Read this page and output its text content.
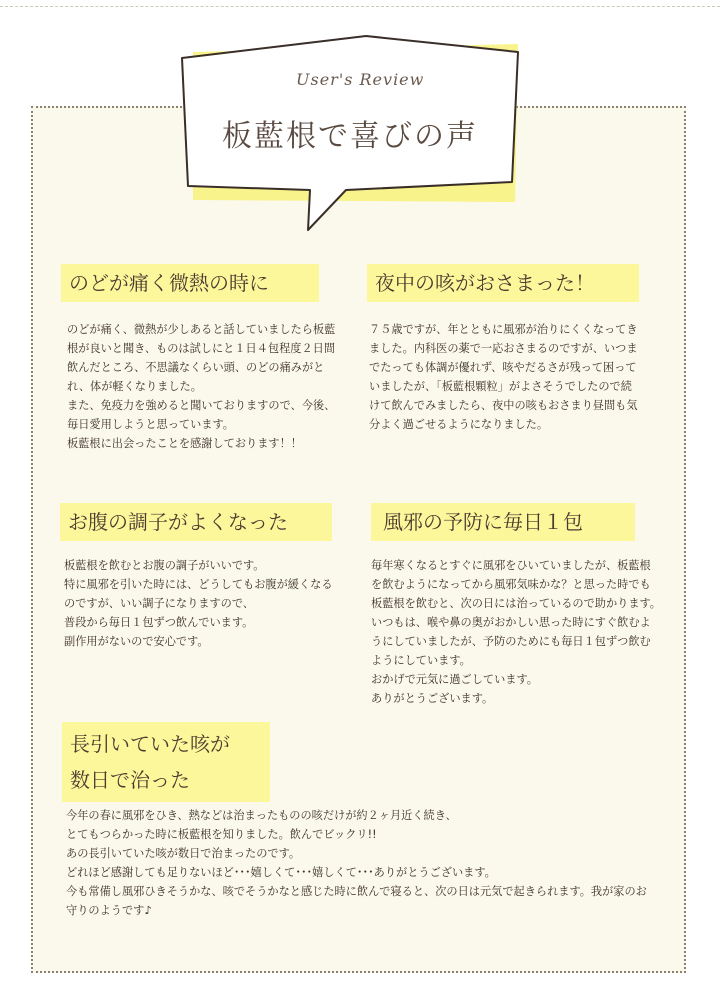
User's Review
板藍根で喜びの声
のどが痛く微熱の時に

のどが痛く、微熱が少しあると話していましたら板藍根が良いと聞き、ものは試しにと１日４包程度２日間飲んだところ、不思議なくらい頭、のどの痛みがとれ、体が軽くなりました。
また、免疫力を強めると聞いておりますので、今後、毎日愛用しようと思っています。
板藍根に出会ったことを感謝しております！！

夜中の咳がおさまった！

７５歳ですが、年とともに風邪が治りにくくなってきました。内科医の薬で一応おさまるのですが、いつまでたっても体調が優れず、咳やだるさが残って困っていましたが、「板藍根顆粒」がよさそうでしたので続けて飲んでみましたら、夜中の咳もおさまり昼間も気分よく過ごせるようになりました。

お腹の調子がよくなった

板藍根を飲むとお腹の調子がいいです。
特に風邪を引いた時には、どうしてもお腹が緩くなるのですが、いい調子になりますので、
普段から毎日１包ずつ飲んでいます。
副作用がないので安心です。

風邪の予防に毎日１包

毎年寒くなるとすぐに風邪をひいていましたが、板藍根を飲むようになってから風邪気味かな？と思った時でも板藍根を飲むと、次の日には治っているので助かります。
いつもは、喉や鼻の奥がおかしい思った時にすぐ飲むようにしていましたが、予防のためにも毎日１包ずつ飲むようにしています。
おかげで元気に過ごしています。
ありがとうございます。

長引いていた咳が
数日で治った

今年の春に風邪をひき、熱などは治まったものの咳だけが約２ヶ月近く続き、
とてもつらかった時に板藍根を知りました。飲んでビックリ!!
あの長引いていた咳が数日で治まったのです。
どれほど感謝しても足りないほど･･･嬉しくて･･･嬉しくて･･･ありがとうございます。
今も常備し風邪ひきそうかな、咳でそうかなと感じた時に飲んで寝ると、次の日は元気で起きられます。我が家のお守りのようです♪
